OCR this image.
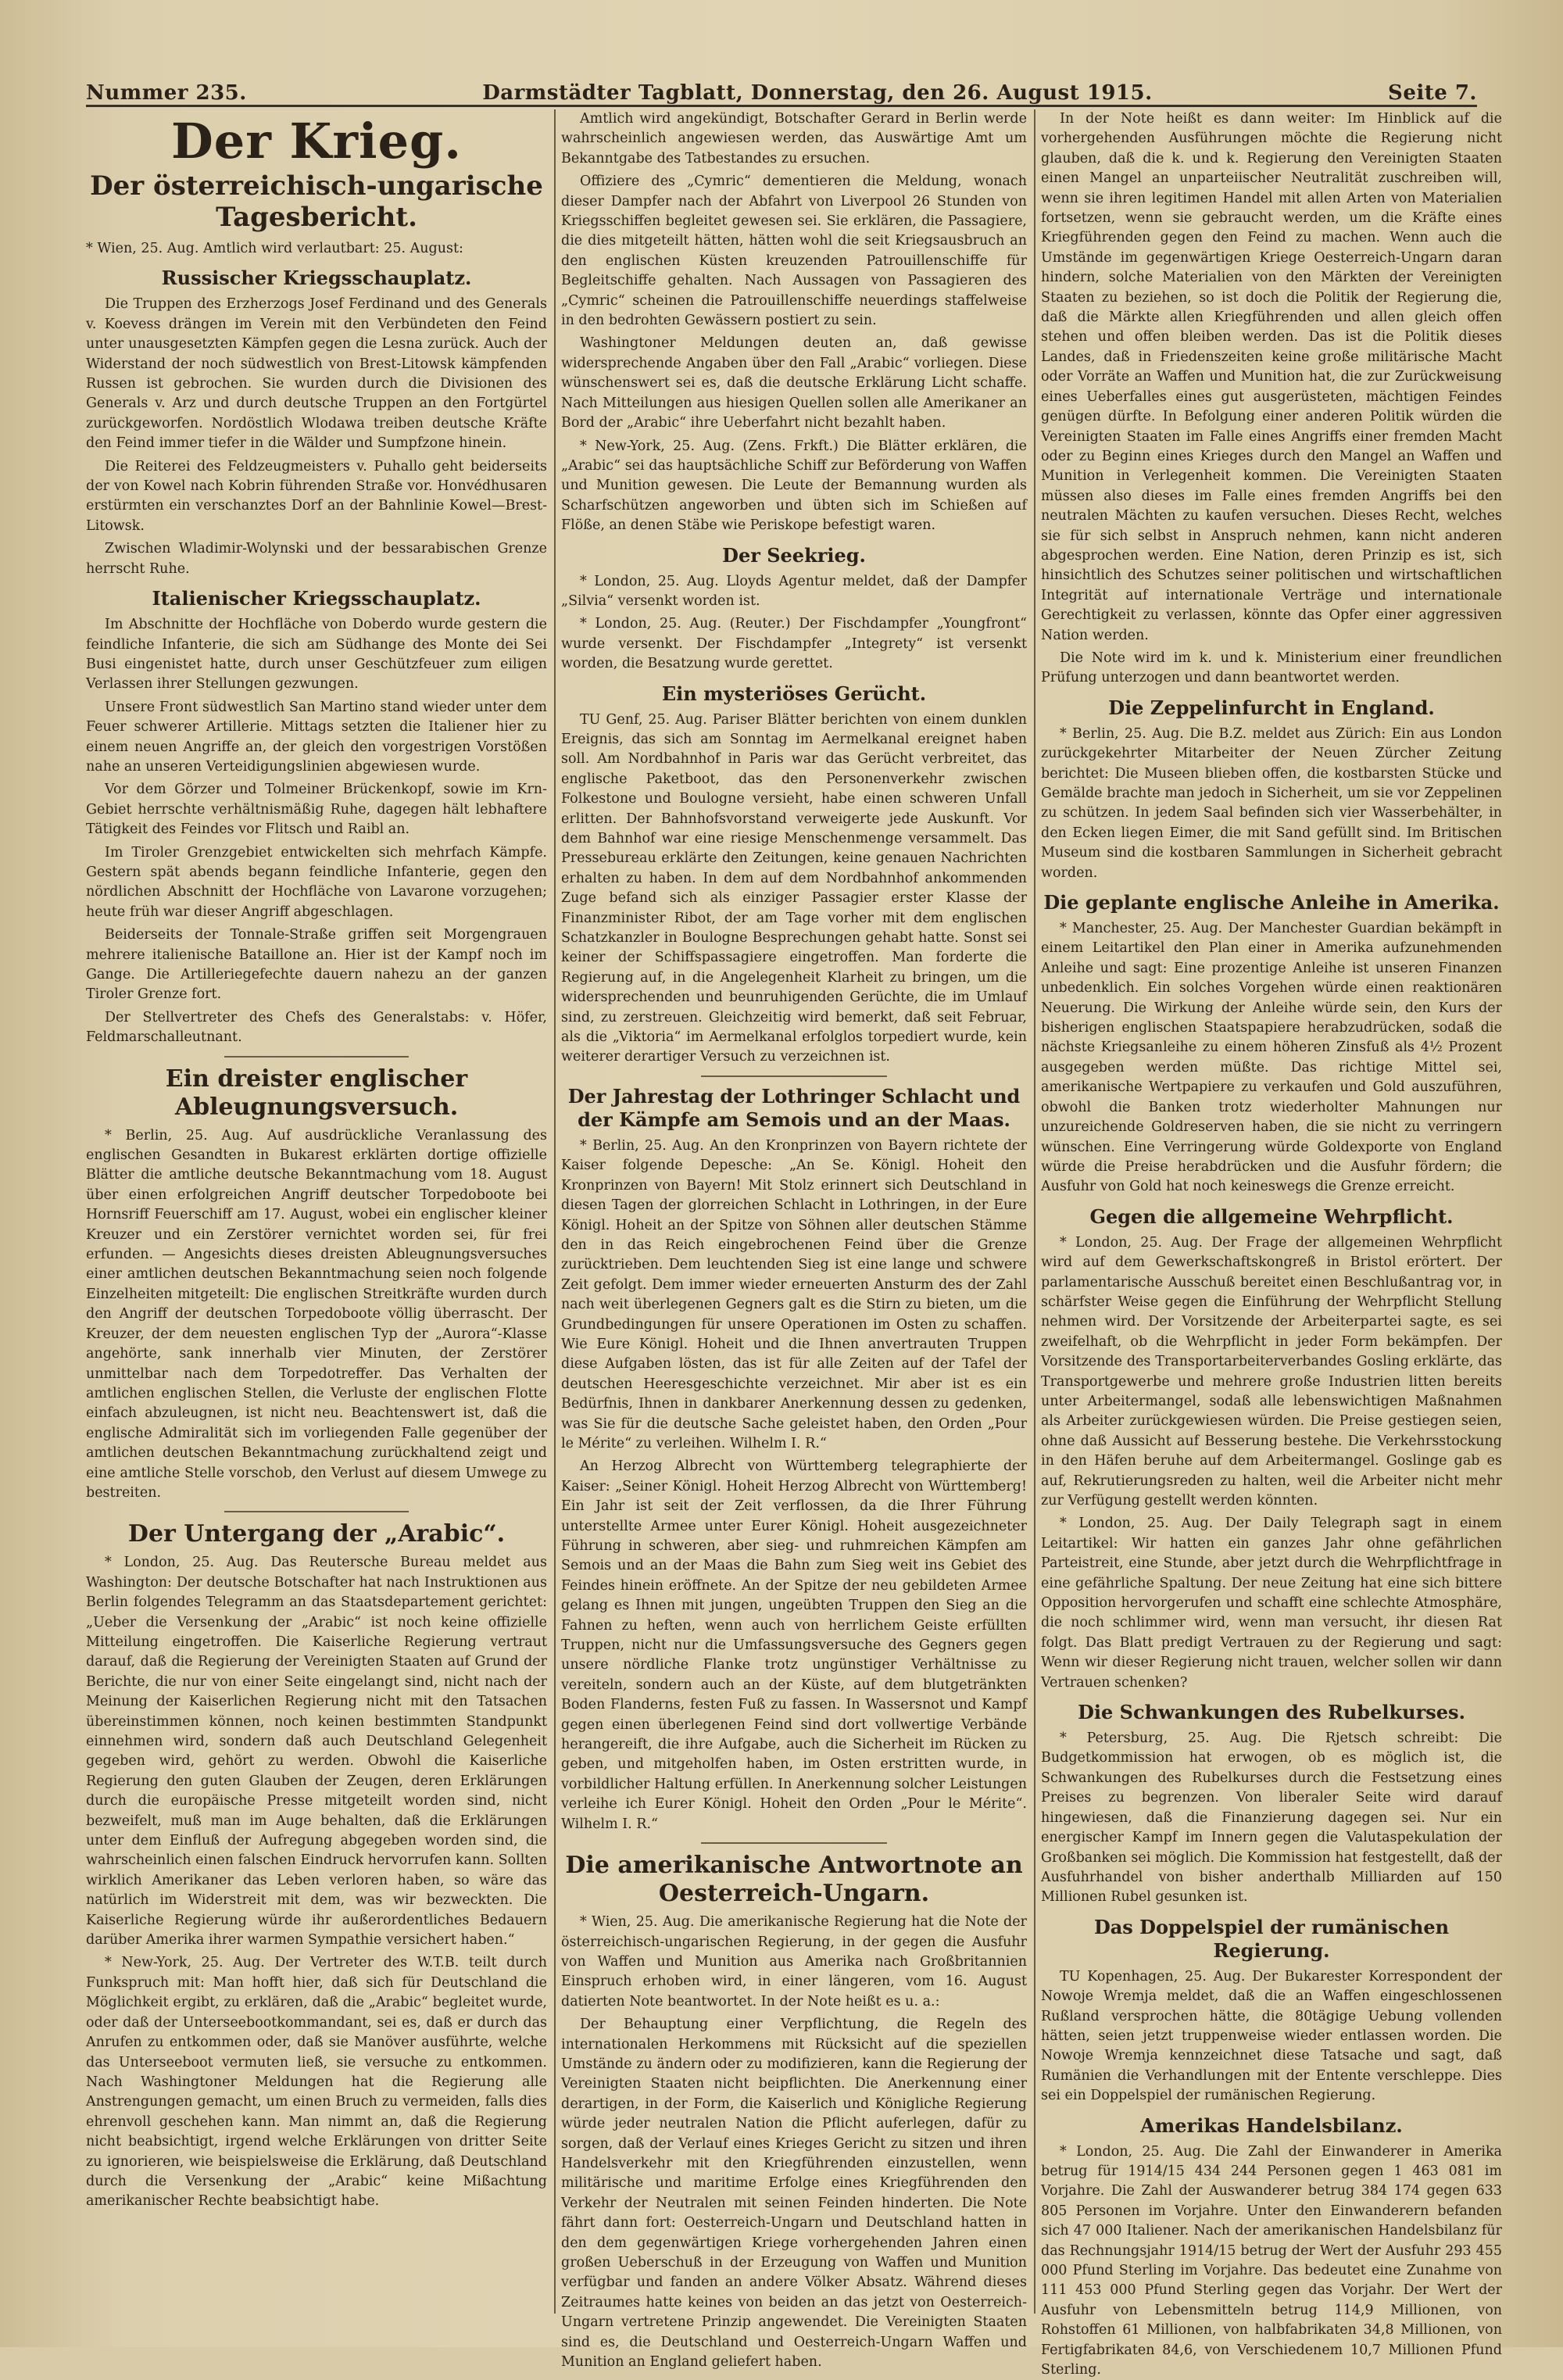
Nummer 235.	Darmstädter Tagblatt, Donnerstag, den 26. August 1915.	Seite 7.
Der Krieg.
Der österreichisch-ungarische Tagesbericht.

* Wien, 25. Aug. Amtlich wird verlautbart: 25. August:

Russischer Kriegsschauplatz.

Die Truppen des Erzherzogs Josef Ferdinand und des Generals v. Koevess drängen im Verein mit den Verbündeten den Feind unter unausgesetzten Kämpfen gegen die Lesna zurück. Auch der Widerstand der noch südwestlich von Brest-Litowsk kämpfenden Russen ist gebrochen. Sie wurden durch die Divisionen des Generals v. Arz und durch deutsche Truppen an den Fortgürtel zurückgeworfen. Nordöstlich Wlodawa treiben deutsche Kräfte den Feind immer tiefer in die Wälder und Sumpfzone hinein.

Die Reiterei des Feldzeugmeisters v. Puhallo geht beiderseits der von Kowel nach Kobrin führenden Straße vor. Honvédhusaren erstürmten ein verschanztes Dorf an der Bahnlinie Kowel—Brest-Litowsk.

Zwischen Wladimir-Wolynski und der bessarabischen Grenze herrscht Ruhe.

Italienischer Kriegsschauplatz.

Im Abschnitte der Hochfläche von Doberdo wurde gestern die feindliche Infanterie, die sich am Südhange des Monte dei Sei Busi eingenistet hatte, durch unser Geschützfeuer zum eiligen Verlassen ihrer Stellungen gezwungen.

Unsere Front südwestlich San Martino stand wieder unter dem Feuer schwerer Artillerie. Mittags setzten die Italiener hier zu einem neuen Angriffe an, der gleich den vorgestrigen Vorstößen nahe an unseren Verteidigungslinien abgewiesen wurde.

Vor dem Görzer und Tolmeiner Brückenkopf, sowie im Krn-Gebiet herrschte verhältnismäßig Ruhe, dagegen hält lebhaftere Tätigkeit des Feindes vor Flitsch und Raibl an.

Im Tiroler Grenzgebiet entwickelten sich mehrfach Kämpfe. Gestern spät abends begann feindliche Infanterie, gegen den nördlichen Abschnitt der Hochfläche von Lavarone vorzugehen; heute früh war dieser Angriff abgeschlagen.

Beiderseits der Tonnale-Straße griffen seit Morgengrauen mehrere italienische Bataillone an. Hier ist der Kampf noch im Gange. Die Artilleriegefechte dauern nahezu an der ganzen Tiroler Grenze fort.

Der Stellvertreter des Chefs des Generalstabs: v. Höfer, Feldmarschalleutnant.

Ein dreister englischer Ableugnungsversuch.

* Berlin, 25. Aug. Auf ausdrückliche Veranlassung des englischen Gesandten in Bukarest erklärten dortige offizielle Blätter die amtliche deutsche Bekanntmachung vom 18. August über einen erfolgreichen Angriff deutscher Torpedoboote bei Hornsriff Feuerschiff am 17. August, wobei ein englischer kleiner Kreuzer und ein Zerstörer vernichtet worden sei, für frei erfunden. — Angesichts dieses dreisten Ableugnungsversuches einer amtlichen deutschen Bekanntmachung seien noch folgende Einzelheiten mitgeteilt: Die englischen Streitkräfte wurden durch den Angriff der deutschen Torpedoboote völlig überrascht. Der Kreuzer, der dem neuesten englischen Typ der „Aurora“-Klasse angehörte, sank innerhalb vier Minuten, der Zerstörer unmittelbar nach dem Torpedotreffer. Das Verhalten der amtlichen englischen Stellen, die Verluste der englischen Flotte einfach abzuleugnen, ist nicht neu. Beachtenswert ist, daß die englische Admiralität sich im vorliegenden Falle gegenüber der amtlichen deutschen Bekanntmachung zurückhaltend zeigt und eine amtliche Stelle vorschob, den Verlust auf diesem Umwege zu bestreiten.

Der Untergang der „Arabic“.

* London, 25. Aug. Das Reutersche Bureau meldet aus Washington: Der deutsche Botschafter hat nach Instruktionen aus Berlin folgendes Telegramm an das Staatsdepartement gerichtet: „Ueber die Versenkung der „Arabic“ ist noch keine offizielle Mitteilung eingetroffen. Die Kaiserliche Regierung vertraut darauf, daß die Regierung der Vereinigten Staaten auf Grund der Berichte, die nur von einer Seite eingelangt sind, nicht nach der Meinung der Kaiserlichen Regierung nicht mit den Tatsachen übereinstimmen können, noch keinen bestimmten Standpunkt einnehmen wird, sondern daß auch Deutschland Gelegenheit gegeben wird, gehört zu werden. Obwohl die Kaiserliche Regierung den guten Glauben der Zeugen, deren Erklärungen durch die europäische Presse mitgeteilt worden sind, nicht bezweifelt, muß man im Auge behalten, daß die Erklärungen unter dem Einfluß der Aufregung abgegeben worden sind, die wahrscheinlich einen falschen Eindruck hervorrufen kann. Sollten wirklich Amerikaner das Leben verloren haben, so wäre das natürlich im Widerstreit mit dem, was wir bezweckten. Die Kaiserliche Regierung würde ihr außerordentliches Bedauern darüber Amerika ihrer warmen Sympathie versichert haben.“

* New-York, 25. Aug. Der Vertreter des W.T.B. teilt durch Funkspruch mit: Man hofft hier, daß sich für Deutschland die Möglichkeit ergibt, zu erklären, daß die „Arabic“ begleitet wurde, oder daß der Unterseebootkommandant, sei es, daß er durch das Anrufen zu entkommen oder, daß sie Manöver ausführte, welche das Unterseeboot vermuten ließ, sie versuche zu entkommen. Nach Washingtoner Meldungen hat die Regierung alle Anstrengungen gemacht, um einen Bruch zu vermeiden, falls dies ehrenvoll geschehen kann. Man nimmt an, daß die Regierung nicht beabsichtigt, irgend welche Erklärungen von dritter Seite zu ignorieren, wie beispielsweise die Erklärung, daß Deutschland durch die Versenkung der „Arabic“ keine Mißachtung amerikanischer Rechte beabsichtigt habe.

Amtlich wird angekündigt, Botschafter Gerard in Berlin werde wahrscheinlich angewiesen werden, das Auswärtige Amt um Bekanntgabe des Tatbestandes zu ersuchen.

Offiziere des „Cymric“ dementieren die Meldung, wonach dieser Dampfer nach der Abfahrt von Liverpool 26 Stunden von Kriegsschiffen begleitet gewesen sei. Sie erklären, die Passagiere, die dies mitgeteilt hätten, hätten wohl die seit Kriegsausbruch an den englischen Küsten kreuzenden Patrouillenschiffe für Begleitschiffe gehalten. Nach Aussagen von Passagieren des „Cymric“ scheinen die Patrouillenschiffe neuerdings staffelweise in den bedrohten Gewässern postiert zu sein.

Washingtoner Meldungen deuten an, daß gewisse widersprechende Angaben über den Fall „Arabic“ vorliegen. Diese wünschenswert sei es, daß die deutsche Erklärung Licht schaffe. Nach Mitteilungen aus hiesigen Quellen sollen alle Amerikaner an Bord der „Arabic“ ihre Ueberfahrt nicht bezahlt haben.

* New-York, 25. Aug. (Zens. Frkft.) Die Blätter erklären, die „Arabic“ sei das hauptsächliche Schiff zur Beförderung von Waffen und Munition gewesen. Die Leute der Bemannung wurden als Scharfschützen angeworben und übten sich im Schießen auf Flöße, an denen Stäbe wie Periskope befestigt waren.

Der Seekrieg.

* London, 25. Aug. Lloyds Agentur meldet, daß der Dampfer „Silvia“ versenkt worden ist.

* London, 25. Aug. (Reuter.) Der Fischdampfer „Youngfront“ wurde versenkt. Der Fischdampfer „Integrety“ ist versenkt worden, die Besatzung wurde gerettet.

Ein mysteriöses Gerücht.

TU Genf, 25. Aug. Pariser Blätter berichten von einem dunklen Ereignis, das sich am Sonntag im Aermelkanal ereignet haben soll. Am Nordbahnhof in Paris war das Gerücht verbreitet, das englische Paketboot, das den Personenverkehr zwischen Folkestone und Boulogne versieht, habe einen schweren Unfall erlitten. Der Bahnhofsvorstand verweigerte jede Auskunft. Vor dem Bahnhof war eine riesige Menschenmenge versammelt. Das Pressebureau erklärte den Zeitungen, keine genauen Nachrichten erhalten zu haben. In dem auf dem Nordbahnhof ankommenden Zuge befand sich als einziger Passagier erster Klasse der Finanzminister Ribot, der am Tage vorher mit dem englischen Schatzkanzler in Boulogne Besprechungen gehabt hatte. Sonst sei keiner der Schiffspassagiere eingetroffen. Man forderte die Regierung auf, in die Angelegenheit Klarheit zu bringen, um die widersprechenden und beunruhigenden Gerüchte, die im Umlauf sind, zu zerstreuen. Gleichzeitig wird bemerkt, daß seit Februar, als die „Viktoria“ im Aermelkanal erfolglos torpediert wurde, kein weiterer derartiger Versuch zu verzeichnen ist.

Der Jahrestag der Lothringer Schlacht und der Kämpfe am Semois und an der Maas.

* Berlin, 25. Aug. An den Kronprinzen von Bayern richtete der Kaiser folgende Depesche: „An Se. Königl. Hoheit den Kronprinzen von Bayern! Mit Stolz erinnert sich Deutschland in diesen Tagen der glorreichen Schlacht in Lothringen, in der Eure Königl. Hoheit an der Spitze von Söhnen aller deutschen Stämme den in das Reich eingebrochenen Feind über die Grenze zurücktrieben. Dem leuchtenden Sieg ist eine lange und schwere Zeit gefolgt. Dem immer wieder erneuerten Ansturm des der Zahl nach weit überlegenen Gegners galt es die Stirn zu bieten, um die Grundbedingungen für unsere Operationen im Osten zu schaffen. Wie Eure Königl. Hoheit und die Ihnen anvertrauten Truppen diese Aufgaben lösten, das ist für alle Zeiten auf der Tafel der deutschen Heeresgeschichte verzeichnet. Mir aber ist es ein Bedürfnis, Ihnen in dankbarer Anerkennung dessen zu gedenken, was Sie für die deutsche Sache geleistet haben, den Orden „Pour le Mérite“ zu verleihen. Wilhelm I. R.“

An Herzog Albrecht von Württemberg telegraphierte der Kaiser: „Seiner Königl. Hoheit Herzog Albrecht von Württemberg! Ein Jahr ist seit der Zeit verflossen, da die Ihrer Führung unterstellte Armee unter Eurer Königl. Hoheit ausgezeichneter Führung in schweren, aber sieg- und ruhmreichen Kämpfen am Semois und an der Maas die Bahn zum Sieg weit ins Gebiet des Feindes hinein eröffnete. An der Spitze der neu gebildeten Armee gelang es Ihnen mit jungen, ungeübten Truppen den Sieg an die Fahnen zu heften, wenn auch von herrlichem Geiste erfüllten Truppen, nicht nur die Umfassungsversuche des Gegners gegen unsere nördliche Flanke trotz ungünstiger Verhältnisse zu vereiteln, sondern auch an der Küste, auf dem blutgetränkten Boden Flanderns, festen Fuß zu fassen. In Wassersnot und Kampf gegen einen überlegenen Feind sind dort vollwertige Verbände herangereift, die ihre Aufgabe, auch die Sicherheit im Rücken zu geben, und mitgeholfen haben, im Osten erstritten wurde, in vorbildlicher Haltung erfüllen. In Anerkennung solcher Leistungen verleihe ich Eurer Königl. Hoheit den Orden „Pour le Mérite“. Wilhelm I. R.“

Die amerikanische Antwortnote an Oesterreich-Ungarn.

* Wien, 25. Aug. Die amerikanische Regierung hat die Note der österreichisch-ungarischen Regierung, in der gegen die Ausfuhr von Waffen und Munition aus Amerika nach Großbritannien Einspruch erhoben wird, in einer längeren, vom 16. August datierten Note beantwortet. In der Note heißt es u. a.:

Der Behauptung einer Verpflichtung, die Regeln des internationalen Herkommens mit Rücksicht auf die speziellen Umstände zu ändern oder zu modifizieren, kann die Regierung der Vereinigten Staaten nicht beipflichten. Die Anerkennung einer derartigen, in der Form, die Kaiserlich und Königliche Regierung würde jeder neutralen Nation die Pflicht auferlegen, dafür zu sorgen, daß der Verlauf eines Krieges Gericht zu sitzen und ihren Handelsverkehr mit den Kriegführenden einzustellen, wenn militärische und maritime Erfolge eines Kriegführenden den Verkehr der Neutralen mit seinen Feinden hinderten. Die Note fährt dann fort: Oesterreich-Ungarn und Deutschland hatten in den dem gegenwärtigen Kriege vorhergehenden Jahren einen großen Ueberschuß in der Erzeugung von Waffen und Munition verfügbar und fanden an andere Völker Absatz. Während dieses Zeitraumes hatte keines von beiden an das jetzt von Oesterreich-Ungarn vertretene Prinzip angewendet. Die Vereinigten Staaten sind es, die Deutschland und Oesterreich-Ungarn Waffen und Munition an England geliefert haben.

In der Note heißt es dann weiter: Im Hinblick auf die vorhergehenden Ausführungen möchte die Regierung nicht glauben, daß die k. und k. Regierung den Vereinigten Staaten einen Mangel an unparteiischer Neutralität zuschreiben will, wenn sie ihren legitimen Handel mit allen Arten von Materialien fortsetzen, wenn sie gebraucht werden, um die Kräfte eines Kriegführenden gegen den Feind zu machen. Wenn auch die Umstände im gegenwärtigen Kriege Oesterreich-Ungarn daran hindern, solche Materialien von den Märkten der Vereinigten Staaten zu beziehen, so ist doch die Politik der Regierung die, daß die Märkte allen Kriegführenden und allen gleich offen stehen und offen bleiben werden. Das ist die Politik dieses Landes, daß in Friedenszeiten keine große militärische Macht oder Vorräte an Waffen und Munition hat, die zur Zurückweisung eines Ueberfalles eines gut ausgerüsteten, mächtigen Feindes genügen dürfte. In Befolgung einer anderen Politik würden die Vereinigten Staaten im Falle eines Angriffs einer fremden Macht oder zu Beginn eines Krieges durch den Mangel an Waffen und Munition in Verlegenheit kommen. Die Vereinigten Staaten müssen also dieses im Falle eines fremden Angriffs bei den neutralen Mächten zu kaufen versuchen. Dieses Recht, welches sie für sich selbst in Anspruch nehmen, kann nicht anderen abgesprochen werden. Eine Nation, deren Prinzip es ist, sich hinsichtlich des Schutzes seiner politischen und wirtschaftlichen Integrität auf internationale Verträge und internationale Gerechtigkeit zu verlassen, könnte das Opfer einer aggressiven Nation werden.

Die Note wird im k. und k. Ministerium einer freundlichen Prüfung unterzogen und dann beantwortet werden.

Die Zeppelinfurcht in England.

* Berlin, 25. Aug. Die B.Z. meldet aus Zürich: Ein aus London zurückgekehrter Mitarbeiter der Neuen Zürcher Zeitung berichtet: Die Museen blieben offen, die kostbarsten Stücke und Gemälde brachte man jedoch in Sicherheit, um sie vor Zeppelinen zu schützen. In jedem Saal befinden sich vier Wasserbehälter, in den Ecken liegen Eimer, die mit Sand gefüllt sind. Im Britischen Museum sind die kostbaren Sammlungen in Sicherheit gebracht worden.

Die geplante englische Anleihe in Amerika.

* Manchester, 25. Aug. Der Manchester Guardian bekämpft in einem Leitartikel den Plan einer in Amerika aufzunehmenden Anleihe und sagt: Eine prozentige Anleihe ist unseren Finanzen unbedenklich. Ein solches Vorgehen würde einen reaktionären Neuerung. Die Wirkung der Anleihe würde sein, den Kurs der bisherigen englischen Staatspapiere herabzudrücken, sodaß die nächste Kriegsanleihe zu einem höheren Zinsfuß als 4½ Prozent ausgegeben werden müßte. Das richtige Mittel sei, amerikanische Wertpapiere zu verkaufen und Gold auszuführen, obwohl die Banken trotz wiederholter Mahnungen nur unzureichende Goldreserven haben, die sie nicht zu verringern wünschen. Eine Verringerung würde Goldexporte von England würde die Preise herabdrücken und die Ausfuhr fördern; die Ausfuhr von Gold hat noch keineswegs die Grenze erreicht.

Gegen die allgemeine Wehrpflicht.

* London, 25. Aug. Der Frage der allgemeinen Wehrpflicht wird auf dem Gewerkschaftskongreß in Bristol erörtert. Der parlamentarische Ausschuß bereitet einen Beschlußantrag vor, in schärfster Weise gegen die Einführung der Wehrpflicht Stellung nehmen wird. Der Vorsitzende der Arbeiterpartei sagte, es sei zweifelhaft, ob die Wehrpflicht in jeder Form bekämpfen. Der Vorsitzende des Transportarbeiterverbandes Gosling erklärte, das Transportgewerbe und mehrere große Industrien litten bereits unter Arbeitermangel, sodaß alle lebenswichtigen Maßnahmen als Arbeiter zurückgewiesen würden. Die Preise gestiegen seien, ohne daß Aussicht auf Besserung bestehe. Die Verkehrsstockung in den Häfen beruhe auf dem Arbeitermangel. Goslinge gab es auf, Rekrutierungsreden zu halten, weil die Arbeiter nicht mehr zur Verfügung gestellt werden könnten.

* London, 25. Aug. Der Daily Telegraph sagt in einem Leitartikel: Wir hatten ein ganzes Jahr ohne gefährlichen Parteistreit, eine Stunde, aber jetzt durch die Wehrpflichtfrage in eine gefährliche Spaltung. Der neue Zeitung hat eine sich bittere Opposition hervorgerufen und schafft eine schlechte Atmosphäre, die noch schlimmer wird, wenn man versucht, ihr diesen Rat folgt. Das Blatt predigt Vertrauen zu der Regierung und sagt: Wenn wir dieser Regierung nicht trauen, welcher sollen wir dann Vertrauen schenken?

Die Schwankungen des Rubelkurses.

* Petersburg, 25. Aug. Die Rjetsch schreibt: Die Budgetkommission hat erwogen, ob es möglich ist, die Schwankungen des Rubelkurses durch die Festsetzung eines Preises zu begrenzen. Von liberaler Seite wird darauf hingewiesen, daß die Finanzierung dagegen sei. Nur ein energischer Kampf im Innern gegen die Valutaspekulation der Großbanken sei möglich. Die Kommission hat festgestellt, daß der Ausfuhrhandel von bisher anderthalb Milliarden auf 150 Millionen Rubel gesunken ist.

Das Doppelspiel der rumänischen Regierung.

TU Kopenhagen, 25. Aug. Der Bukarester Korrespondent der Nowoje Wremja meldet, daß die an Waffen eingeschlossenen Rußland versprochen hätte, die 80tägige Uebung vollenden hätten, seien jetzt truppenweise wieder entlassen worden. Die Nowoje Wremja kennzeichnet diese Tatsache und sagt, daß Rumänien die Verhandlungen mit der Entente verschleppe. Dies sei ein Doppelspiel der rumänischen Regierung.

Amerikas Handelsbilanz.

* London, 25. Aug. Die Zahl der Einwanderer in Amerika betrug für 1914/15 434 244 Personen gegen 1 463 081 im Vorjahre. Die Zahl der Auswanderer betrug 384 174 gegen 633 805 Personen im Vorjahre. Unter den Einwanderern befanden sich 47 000 Italiener. Nach der amerikanischen Handelsbilanz für das Rechnungsjahr 1914/15 betrug der Wert der Ausfuhr 293 455 000 Pfund Sterling im Vorjahre. Das bedeutet eine Zunahme von 111 453 000 Pfund Sterling gegen das Vorjahr. Der Wert der Ausfuhr von Lebensmitteln betrug 114,9 Millionen, von Rohstoffen 61 Millionen, von halbfabrikaten 34,8 Millionen, von Fertigfabrikaten 84,6, von Verschiedenem 10,7 Millionen Pfund Sterling.
